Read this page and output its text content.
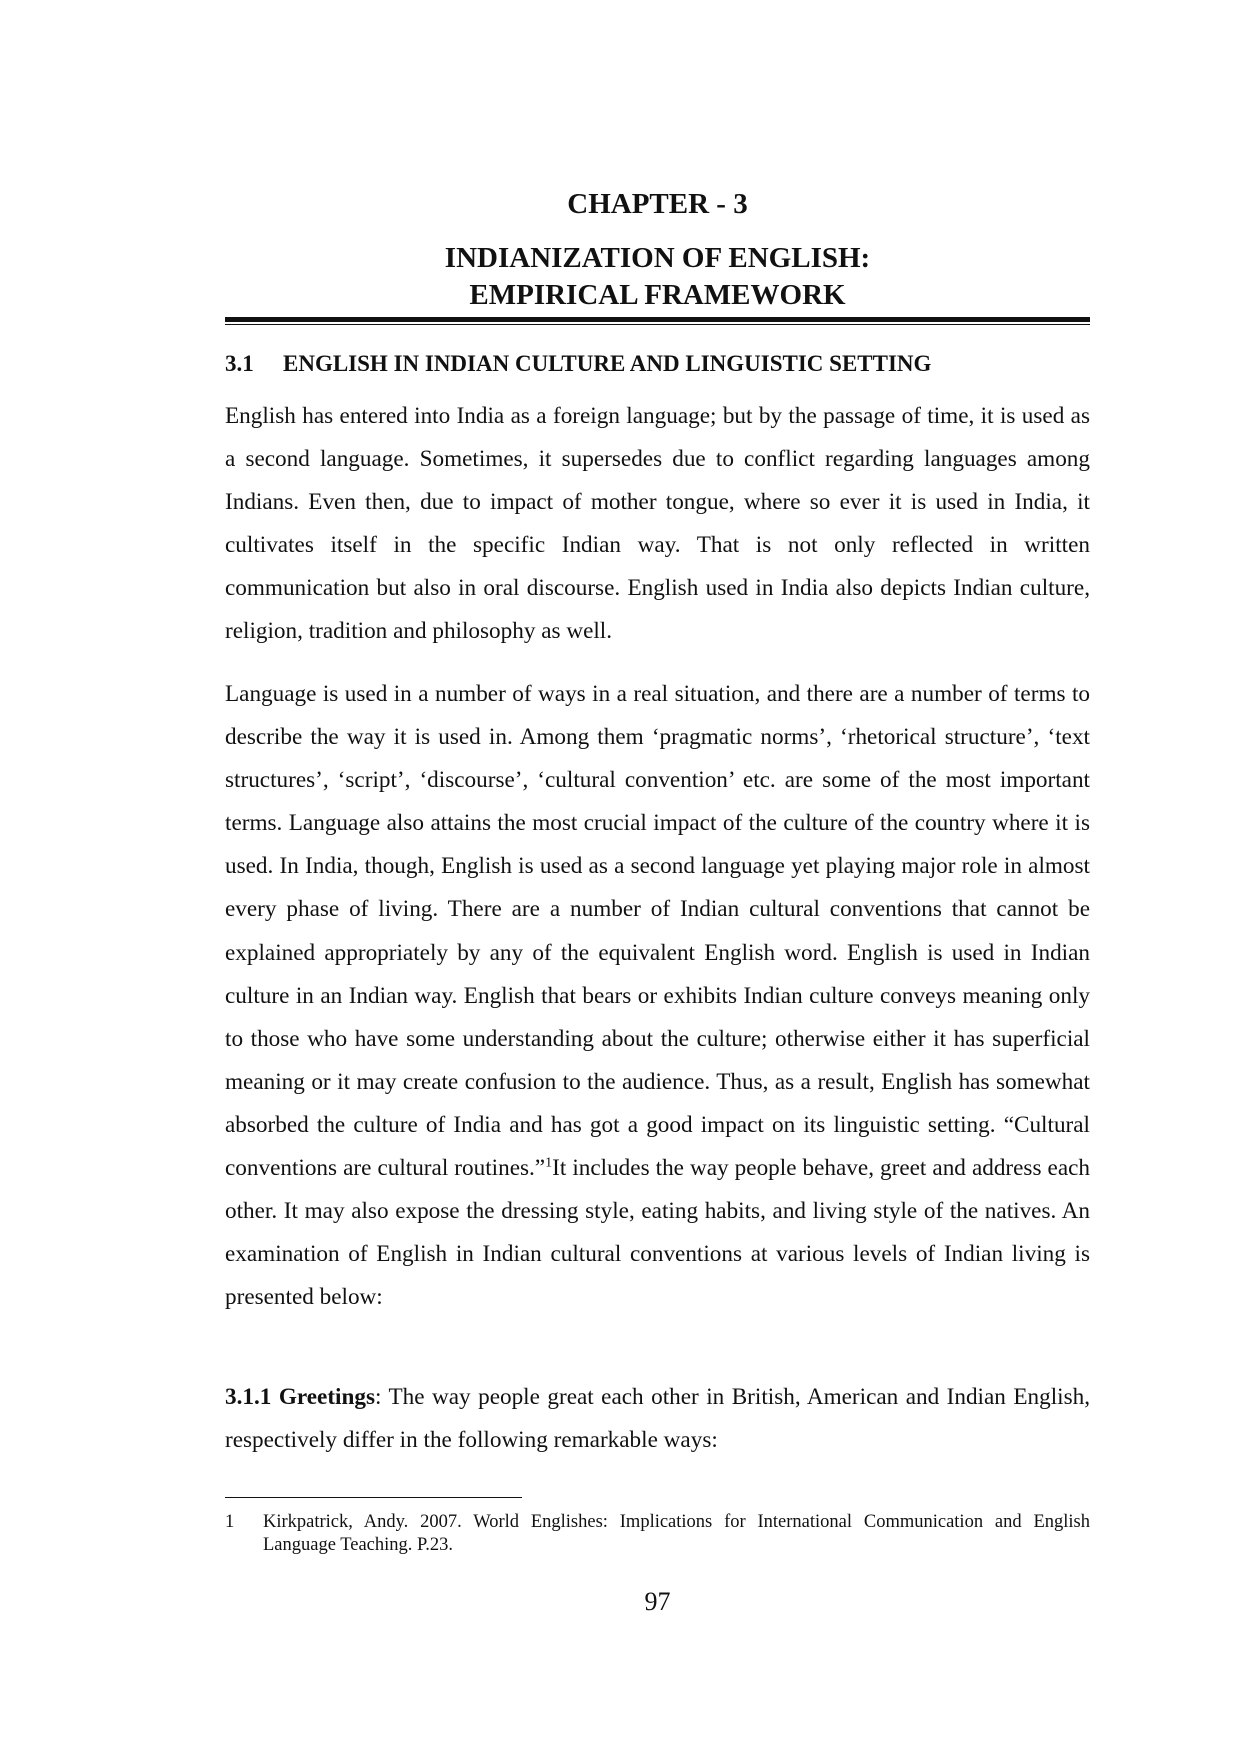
CHAPTER - 3
INDIANIZATION OF ENGLISH:
EMPIRICAL FRAMEWORK
3.1 ENGLISH IN INDIAN CULTURE AND LINGUISTIC SETTING

English has entered into India as a foreign language; but by the passage of time, it is used as a second language. Sometimes, it supersedes due to conflict regarding languages among Indians. Even then, due to impact of mother tongue, where so ever it is used in India, it cultivates itself in the specific Indian way. That is not only reflected in written communication but also in oral discourse. English used in India also depicts Indian culture, religion, tradition and philosophy as well.

Language is used in a number of ways in a real situation, and there are a number of terms to describe the way it is used in. Among them ‘pragmatic norms’, ‘rhetorical structure’, ‘text structures’, ‘script’, ‘discourse’, ‘cultural convention’ etc. are some of the most important terms. Language also attains the most crucial impact of the culture of the country where it is used. In India, though, English is used as a second language yet playing major role in almost every phase of living. There are a number of Indian cultural conventions that cannot be explained appropriately by any of the equivalent English word. English is used in Indian culture in an Indian way. English that bears or exhibits Indian culture conveys meaning only to those who have some understanding about the culture; otherwise either it has superficial meaning or it may create confusion to the audience. Thus, as a result, English has somewhat absorbed the culture of India and has got a good impact on its linguistic setting. “Cultural conventions are cultural routines.”$^1$It includes the way people behave, greet and address each other. It may also expose the dressing style, eating habits, and living style of the natives. An examination of English in Indian cultural conventions at various levels of Indian living is presented below:

3.1.1 Greetings: The way people great each other in British, American and Indian English, respectively differ in the following remarkable ways:

1 Kirkpatrick, Andy. 2007. World Englishes: Implications for International Communication and English Language Teaching. P.23.
97
